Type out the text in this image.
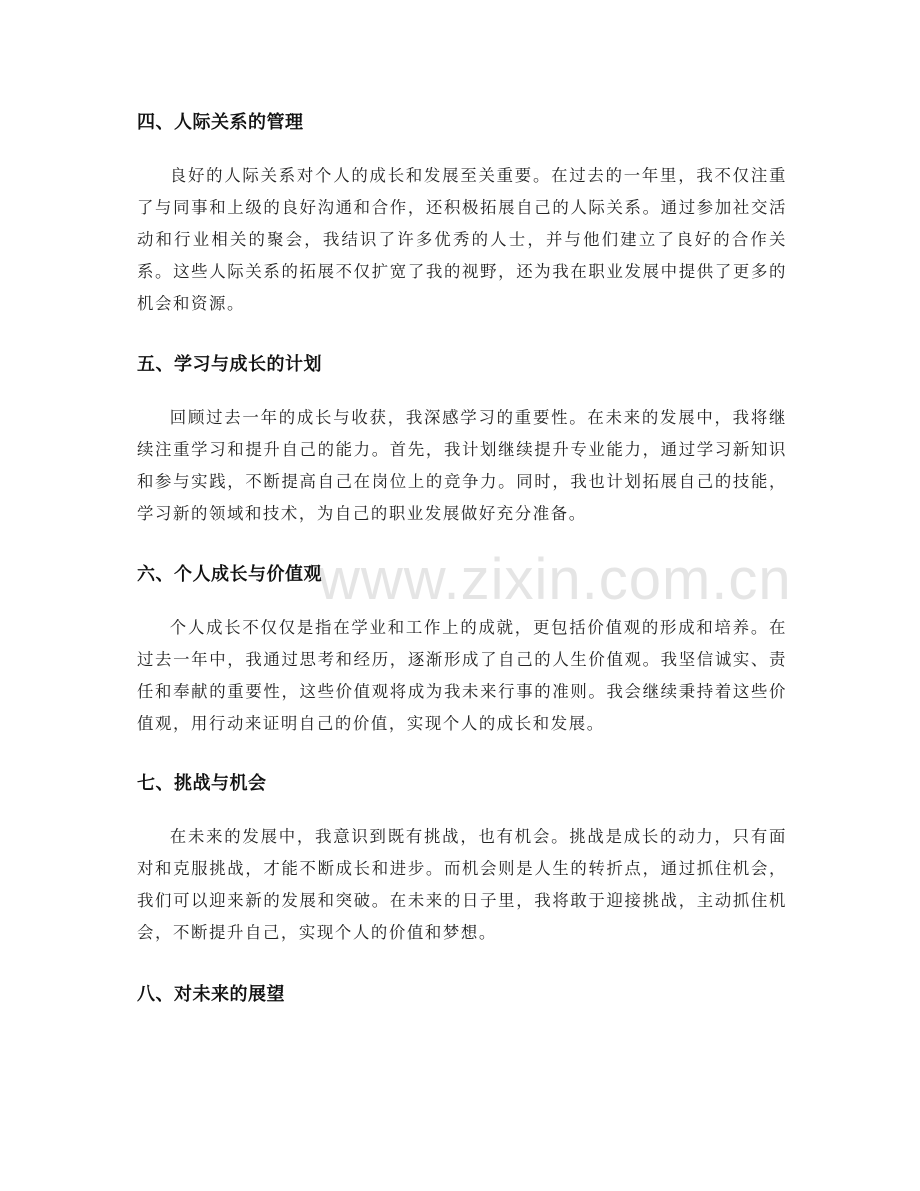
www.zixin.com.cn
四、人际关系的管理

良好的人际关系对个人的成长和发展至关重要。在过去的一年里，我不仅注重了与同事和上级的良好沟通和合作，还积极拓展自己的人际关系。通过参加社交活动和行业相关的聚会，我结识了许多优秀的人士，并与他们建立了良好的合作关系。这些人际关系的拓展不仅扩宽了我的视野，还为我在职业发展中提供了更多的机会和资源。

五、学习与成长的计划

回顾过去一年的成长与收获，我深感学习的重要性。在未来的发展中，我将继续注重学习和提升自己的能力。首先，我计划继续提升专业能力，通过学习新知识和参与实践，不断提高自己在岗位上的竞争力。同时，我也计划拓展自己的技能，学习新的领域和技术，为自己的职业发展做好充分准备。

六、个人成长与价值观

个人成长不仅仅是指在学业和工作上的成就，更包括价值观的形成和培养。在过去一年中，我通过思考和经历，逐渐形成了自己的人生价值观。我坚信诚实、责任和奉献的重要性，这些价值观将成为我未来行事的准则。我会继续秉持着这些价值观，用行动来证明自己的价值，实现个人的成长和发展。

七、挑战与机会

在未来的发展中，我意识到既有挑战，也有机会。挑战是成长的动力，只有面对和克服挑战，才能不断成长和进步。而机会则是人生的转折点，通过抓住机会，我们可以迎来新的发展和突破。在未来的日子里，我将敢于迎接挑战，主动抓住机会，不断提升自己，实现个人的价值和梦想。

八、对未来的展望
